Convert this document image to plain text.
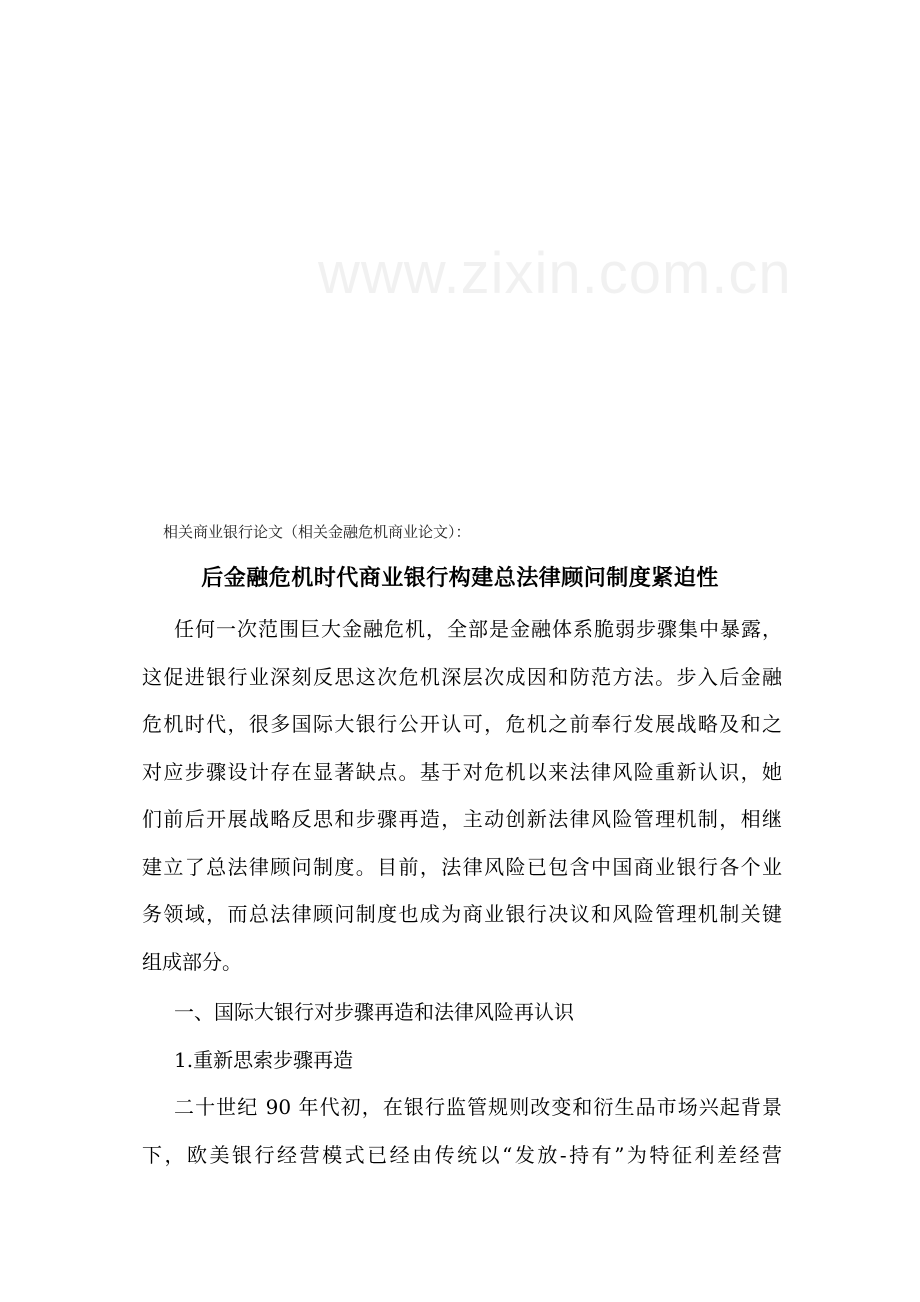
www.zixin.com.cn
相关商业银行论文（相关金融危机商业论文）：
后金融危机时代商业银行构建总法律顾问制度紧迫性
任何一次范围巨大金融危机，全部是金融体系脆弱步骤集中暴露，
这促进银行业深刻反思这次危机深层次成因和防范方法。步入后金融
危机时代，很多国际大银行公开认可，危机之前奉行发展战略及和之
对应步骤设计存在显著缺点。基于对危机以来法律风险重新认识，她
们前后开展战略反思和步骤再造，主动创新法律风险管理机制，相继
建立了总法律顾问制度。目前，法律风险已包含中国商业银行各个业
务领域，而总法律顾问制度也成为商业银行决议和风险管理机制关键
组成部分。
一、国际大银行对步骤再造和法律风险再认识
1.重新思索步骤再造
二十世纪 90 年代初，在银行监管规则改变和衍生品市场兴起背景
下，欧美银行经营模式已经由传统以“发放-持有”为特征利差经营
